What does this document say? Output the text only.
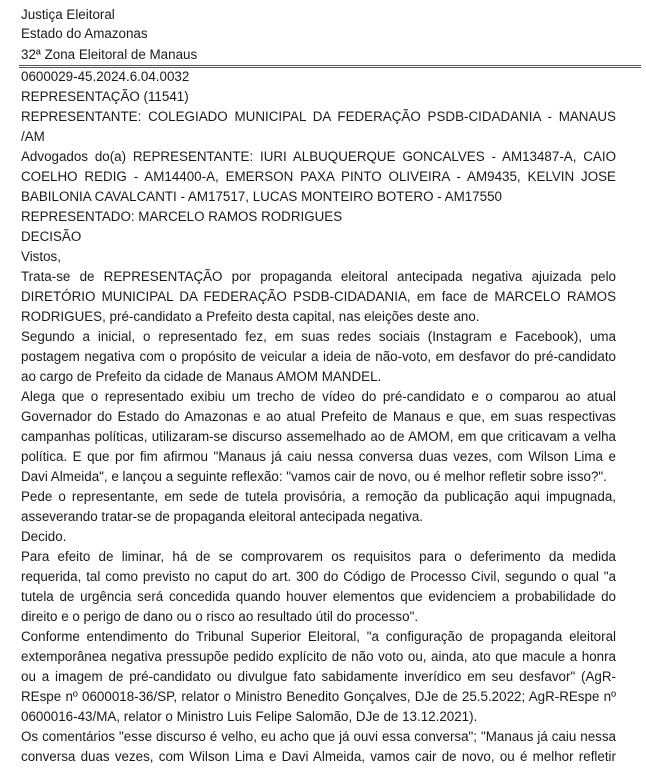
Justiça Eleitoral
Estado do Amazonas
32ª Zona Eleitoral de Manaus
0600029-45.2024.6.04.0032
REPRESENTAÇÃO (11541)
REPRESENTANTE: COLEGIADO MUNICIPAL DA FEDERAÇÃO PSDB-CIDADANIA - MANAUS
/AM
Advogados do(a) REPRESENTANTE: IURI ALBUQUERQUE GONCALVES - AM13487-A, CAIO
COELHO REDIG - AM14400-A, EMERSON PAXA PINTO OLIVEIRA - AM9435, KELVIN JOSE
BABILONIA CAVALCANTI - AM17517, LUCAS MONTEIRO BOTERO - AM17550
REPRESENTADO: MARCELO RAMOS RODRIGUES
DECISÃO
Vistos,
Trata-se de REPRESENTAÇÃO por propaganda eleitoral antecipada negativa ajuizada pelo
DIRETÓRIO MUNICIPAL DA FEDERAÇÃO PSDB-CIDADANIA, em face de MARCELO RAMOS
RODRIGUES, pré-candidato a Prefeito desta capital, nas eleições deste ano.
Segundo a inicial, o representado fez, em suas redes sociais (Instagram e Facebook), uma
postagem negativa com o propósito de veicular a ideia de não-voto, em desfavor do pré-candidato
ao cargo de Prefeito da cidade de Manaus AMOM MANDEL.
Alega que o representado exibiu um trecho de vídeo do pré-candidato e o comparou ao atual
Governador do Estado do Amazonas e ao atual Prefeito de Manaus e que, em suas respectivas
campanhas políticas, utilizaram-se discurso assemelhado ao de AMOM, em que criticavam a velha
política. E que por fim afirmou "Manaus já caiu nessa conversa duas vezes, com Wilson Lima e
Davi Almeida", e lançou a seguinte reflexão: "vamos cair de novo, ou é melhor refletir sobre isso?".
Pede o representante, em sede de tutela provisória, a remoção da publicação aqui impugnada,
asseverando tratar-se de propaganda eleitoral antecipada negativa.
Decido.
Para efeito de liminar, há de se comprovarem os requisitos para o deferimento da medida
requerida, tal como previsto no caput do art. 300 do Código de Processo Civil, segundo o qual "a
tutela de urgência será concedida quando houver elementos que evidenciem a probabilidade do
direito e o perigo de dano ou o risco ao resultado útil do processo".
Conforme entendimento do Tribunal Superior Eleitoral, "a configuração de propaganda eleitoral
extemporânea negativa pressupõe pedido explícito de não voto ou, ainda, ato que macule a honra
ou a imagem de pré-candidato ou divulgue fato sabidamente inverídico em seu desfavor" (AgR-
REspe nº 0600018-36/SP, relator o Ministro Benedito Gonçalves, DJe de 25.5.2022; AgR-REspe nº
0600016-43/MA, relator o Ministro Luis Felipe Salomão, DJe de 13.12.2021).
Os comentários "esse discurso é velho, eu acho que já ouvi essa conversa"; "Manaus já caiu nessa
conversa duas vezes, com Wilson Lima e Davi Almeida, vamos cair de novo, ou é melhor refletir
